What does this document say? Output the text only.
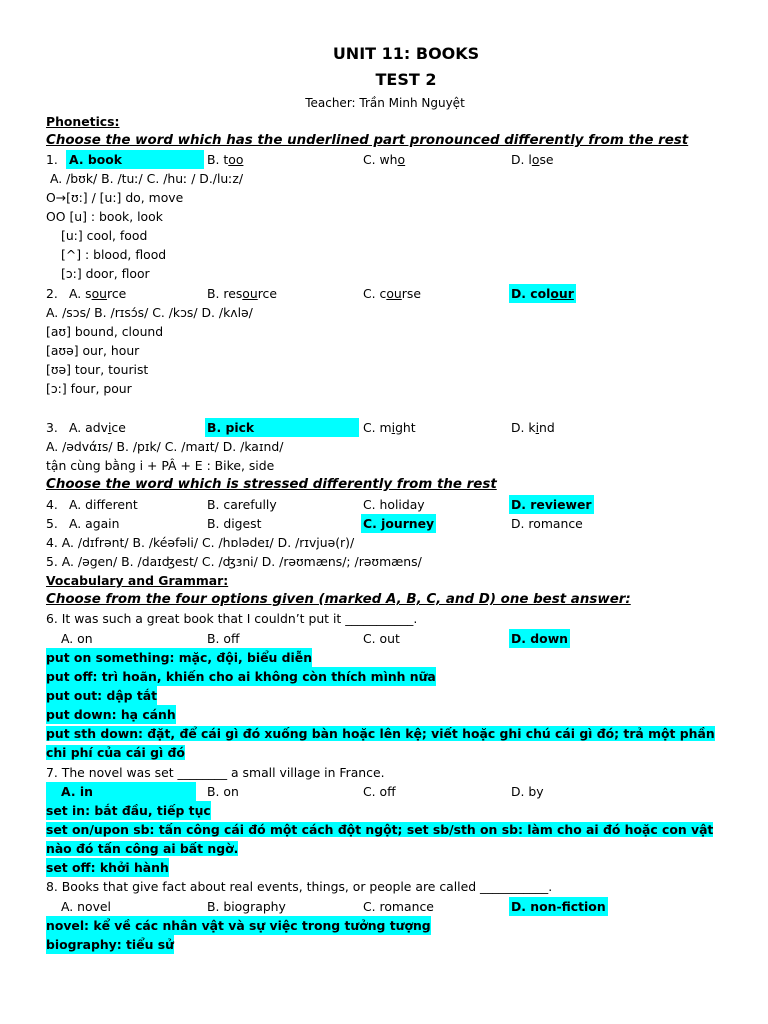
UNIT 11: BOOKS
TEST 2
Teacher: Trần Minh Nguyệt
Phonetics:
Choose the word which has the underlined part pronounced differently from the rest
1. A. book	B. too	C. who	D. lose
A. /bʊk/ B. /tuː/ C. /huː / D./luːz/
O→[ʊ:] / [u:] do, move
OO [u] : book, look
[u:] cool, food
[^] : blood, flood
[ɔ:] door, floor
2. A. source	B. resource	C. course	D. colour
A. /sɔs/ B. /rɪsɔ́s/ C. /kɔs/ D. /kʌlə/
[aʊ] bound, clound
[aʊə] our, hour
[ʊə] tour, tourist
[ɔ:] four, pour
3. A. advice	B. pick	C. might	D. kind
A. /ədvάɪs/ B. /pɪk/ C. /maɪt/ D. /kaɪnd/
tận cùng bằng i + PÂ + E : Bike, side
Choose the word which is stressed differently from the rest
4. A. different	B. carefully	C. holiday	D. reviewer
5. A. again	B. digest	C. journey	D. romance
4. A. /dɪfrənt/ B. /kéəfəli/ C. /hɒlədeɪ/ D. /rɪvjuə(r)/
5. A. /əgen/ B. /daɪʤest/ C. /ʤɜni/ D. /rəʊmæns/; /rəʊmæns/
Vocabulary and Grammar:
Choose from the four options given (marked A, B, C, and D) one best answer:
6. It was such a great book that I couldn’t put it ___________.
A. on	B. off	C. out	D. down
put on something: mặc, đội, biểu diễn
put off: trì hoãn, khiến cho ai không còn thích mình nữa
put out: dập tắt
put down: hạ cánh
put sth down: đặt, để cái gì đó xuống bàn hoặc lên kệ; viết hoặc ghi chú cái gì đó; trả một phần chi phí của cái gì đó
7. The novel was set ________ a small village in France.
A. in	B. on	C. off	D. by
set in: bắt đầu, tiếp tục
set on/upon sb: tấn công cái đó một cách đột ngột; set sb/sth on sb: làm cho ai đó hoặc con vật nào đó tấn công ai bất ngờ.
set off: khởi hành
8. Books that give fact about real events, things, or people are called ___________.
A. novel	B. biography	C. romance	D. non-fiction
novel: kể về các nhân vật và sự việc trong tưởng tượng
biography: tiểu sử
